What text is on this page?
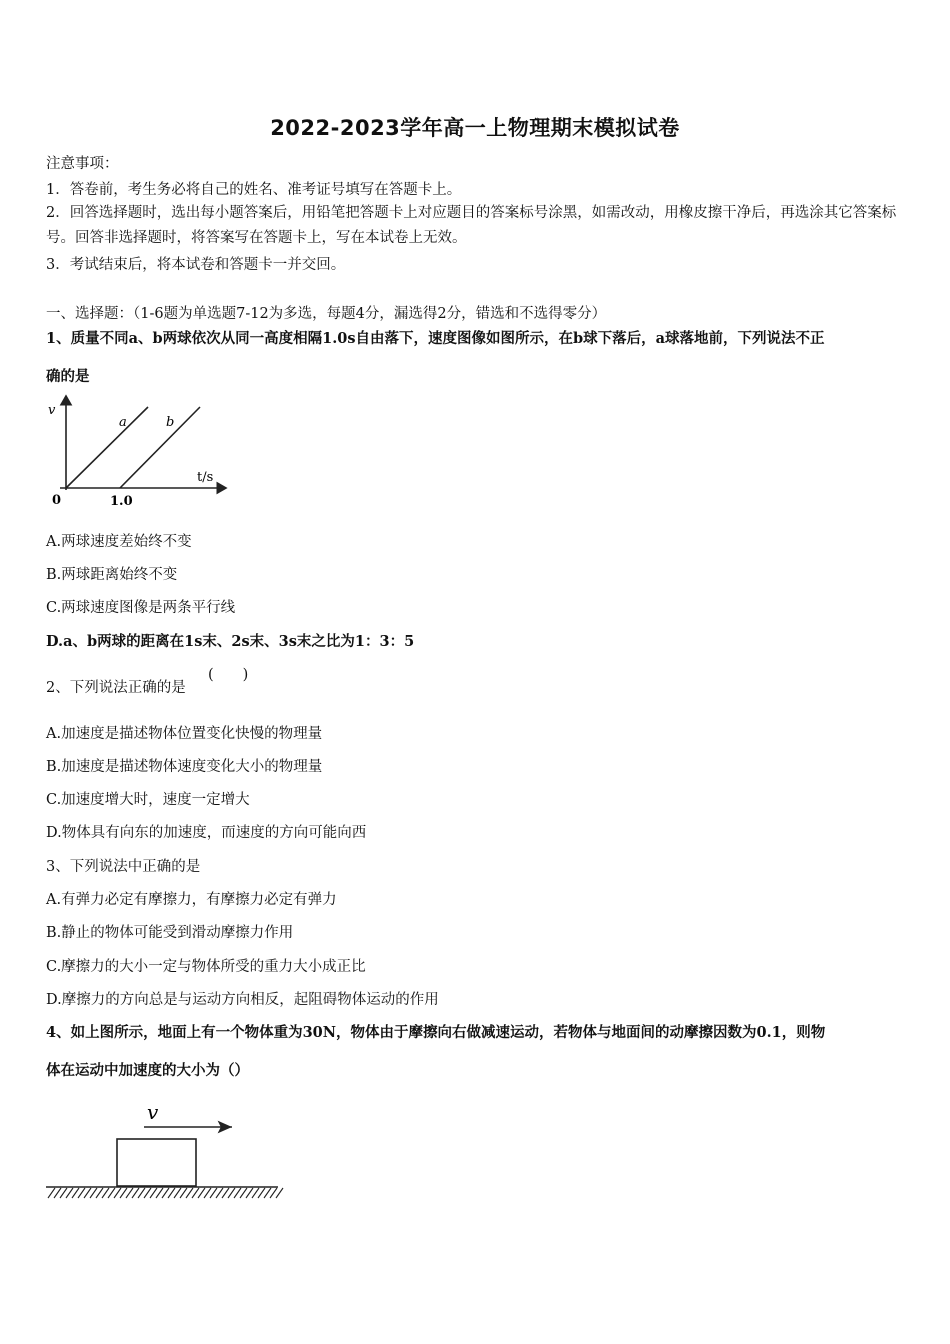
2022-2023学年高一上物理期末模拟试卷
注意事项：
1．答卷前，考生务必将自己的姓名、准考证号填写在答题卡上。
2．回答选择题时，选出每小题答案后，用铅笔把答题卡上对应题目的答案标号涂黑，如需改动，用橡皮擦干净后，再选涂其它答案标号。回答非选择题时，将答案写在答题卡上，写在本试卷上无效。
3．考试结束后，将本试卷和答题卡一并交回。
一、选择题：（1-6题为单选题7-12为多选，每题4分，漏选得2分，错选和不选得零分）
1、质量不同a、b两球依次从同一高度相隔1.0s自由落下，速度图像如图所示，在b球下落后，a球落地前，下列说法不正
确的是
v
t/s
0	1.0
a	b
A.两球速度差始终不变
B.两球距离始终不变
C.两球速度图像是两条平行线
D.a、b两球的距离在1s末、2s末、3s末之比为1：3：5
2、下列说法正确的是
(　　)
A.加速度是描述物体位置变化快慢的物理量
B.加速度是描述物体速度变化大小的物理量
C.加速度增大时，速度一定增大
D.物体具有向东的加速度，而速度的方向可能向西
3、下列说法中正确的是
A.有弹力必定有摩擦力，有摩擦力必定有弹力
B.静止的物体可能受到滑动摩擦力作用
C.摩擦力的大小一定与物体所受的重力大小成正比
D.摩擦力的方向总是与运动方向相反，起阻碍物体运动的作用
4、如上图所示，地面上有一个物体重为30N，物体由于摩擦向右做减速运动，若物体与地面间的动摩擦因数为0.1，则物
体在运动中加速度的大小为（）
v
